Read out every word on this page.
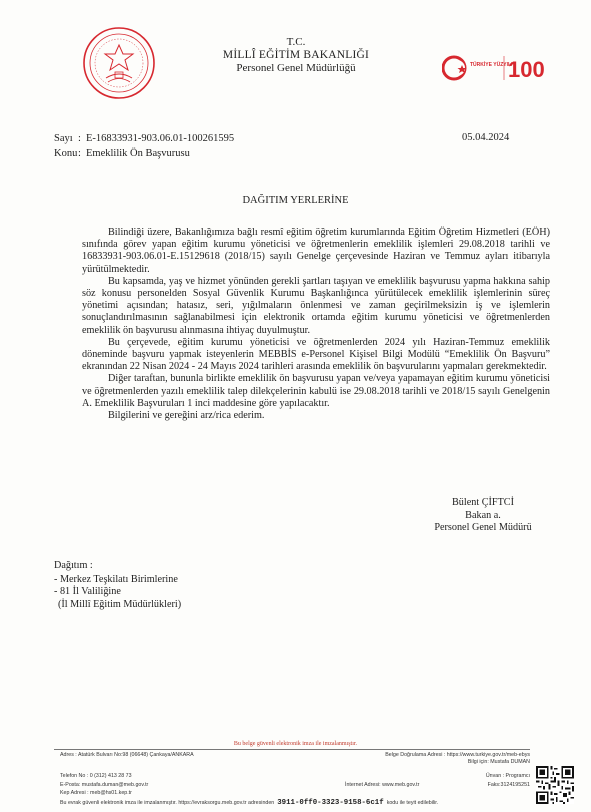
T.C.
MİLLÎ EĞİTİM BAKANLIĞI
Personel Genel Müdürlüğü	TÜRKİYE YÜZYILI
100
Sayı : E-16833931-903.06.01-100261595
Konu : Emeklilik Ön Başvurusu
05.04.2024
DAĞITIM YERLERİNE

Bilindiği üzere, Bakanlığımıza bağlı resmî eğitim öğretim kurumlarında Eğitim Öğretim Hizmetleri (EÖH) sınıfında görev yapan eğitim kurumu yöneticisi ve öğretmenlerin emeklilik işlemleri 29.08.2018 tarihli ve 16833931-903.06.01-E.15129618 (2018/15) sayılı Genelge çerçevesinde Haziran ve Temmuz ayları itibarıyla yürütülmektedir.

Bu kapsamda, yaş ve hizmet yönünden gerekli şartları taşıyan ve emeklilik başvurusu yapma hakkına sahip söz konusu personelden Sosyal Güvenlik Kurumu Başkanlığınca yürütülecek emeklilik işlemlerinin süreç yönetimi açısından; hatasız, seri, yığılmaların önlenmesi ve zaman geçirilmeksizin iş ve işlemlerin sonuçlandırılmasının sağlanabilmesi için elektronik ortamda eğitim kurumu yöneticisi ve öğretmenlerden emeklilik ön başvurusu alınmasına ihtiyaç duyulmuştur.

Bu çerçevede, eğitim kurumu yöneticisi ve öğretmenlerden 2024 yılı Haziran-Temmuz emeklilik döneminde başvuru yapmak isteyenlerin MEBBİS e-Personel Kişisel Bilgi Modülü “Emeklilik Ön Başvuru” ekranından 22 Nisan 2024 - 24 Mayıs 2024 tarihleri arasında emeklilik ön başvurularını yapmaları gerekmektedir.

Diğer taraftan, bununla birlikte emeklilik ön başvurusu yapan ve/veya yapamayan eğitim kurumu yöneticisi ve öğretmenlerden yazılı emeklilik talep dilekçelerinin kabulü ise 29.08.2018 tarihli ve 2018/15 sayılı Genelgenin A. Emeklilik Başvuruları 1 inci maddesine göre yapılacaktır.

Bilgilerini ve gereğini arz/rica ederim.

Bülent ÇİFTCİ
Bakan a.
Personel Genel Müdürü
Dağıtım :
- Merkez Teşkilatı Birimlerine
- 81 İl Valiliğine
(İl Millî Eğitim Müdürlükleri)
Bu belge güvenli elektronik imza ile imzalanmıştır.
Adres : Atatürk Bulvarı No:98 (06648) Çankaya/ANKARA	Belge Doğrulama Adresi : https://www.turkiye.gov.tr/meb-ebys
Bilgi için: Mustafa DUMAN
Telefon No : 0 (312) 413 28 73	Ünvan : Programcı
E-Posta: mustafa.duman@meb.gov.tr	İnternet Adresi: www.meb.gov.tr	Faks:3124195251
Kep Adresi : meb@hs01.kep.tr
Bu evrak güvenli elektronik imza ile imzalanmıştır. https://evraksorgu.meb.gov.tr adresinden 3911-0ff0-3323-9158-6c1f kodu ile teyit edilebilir.
